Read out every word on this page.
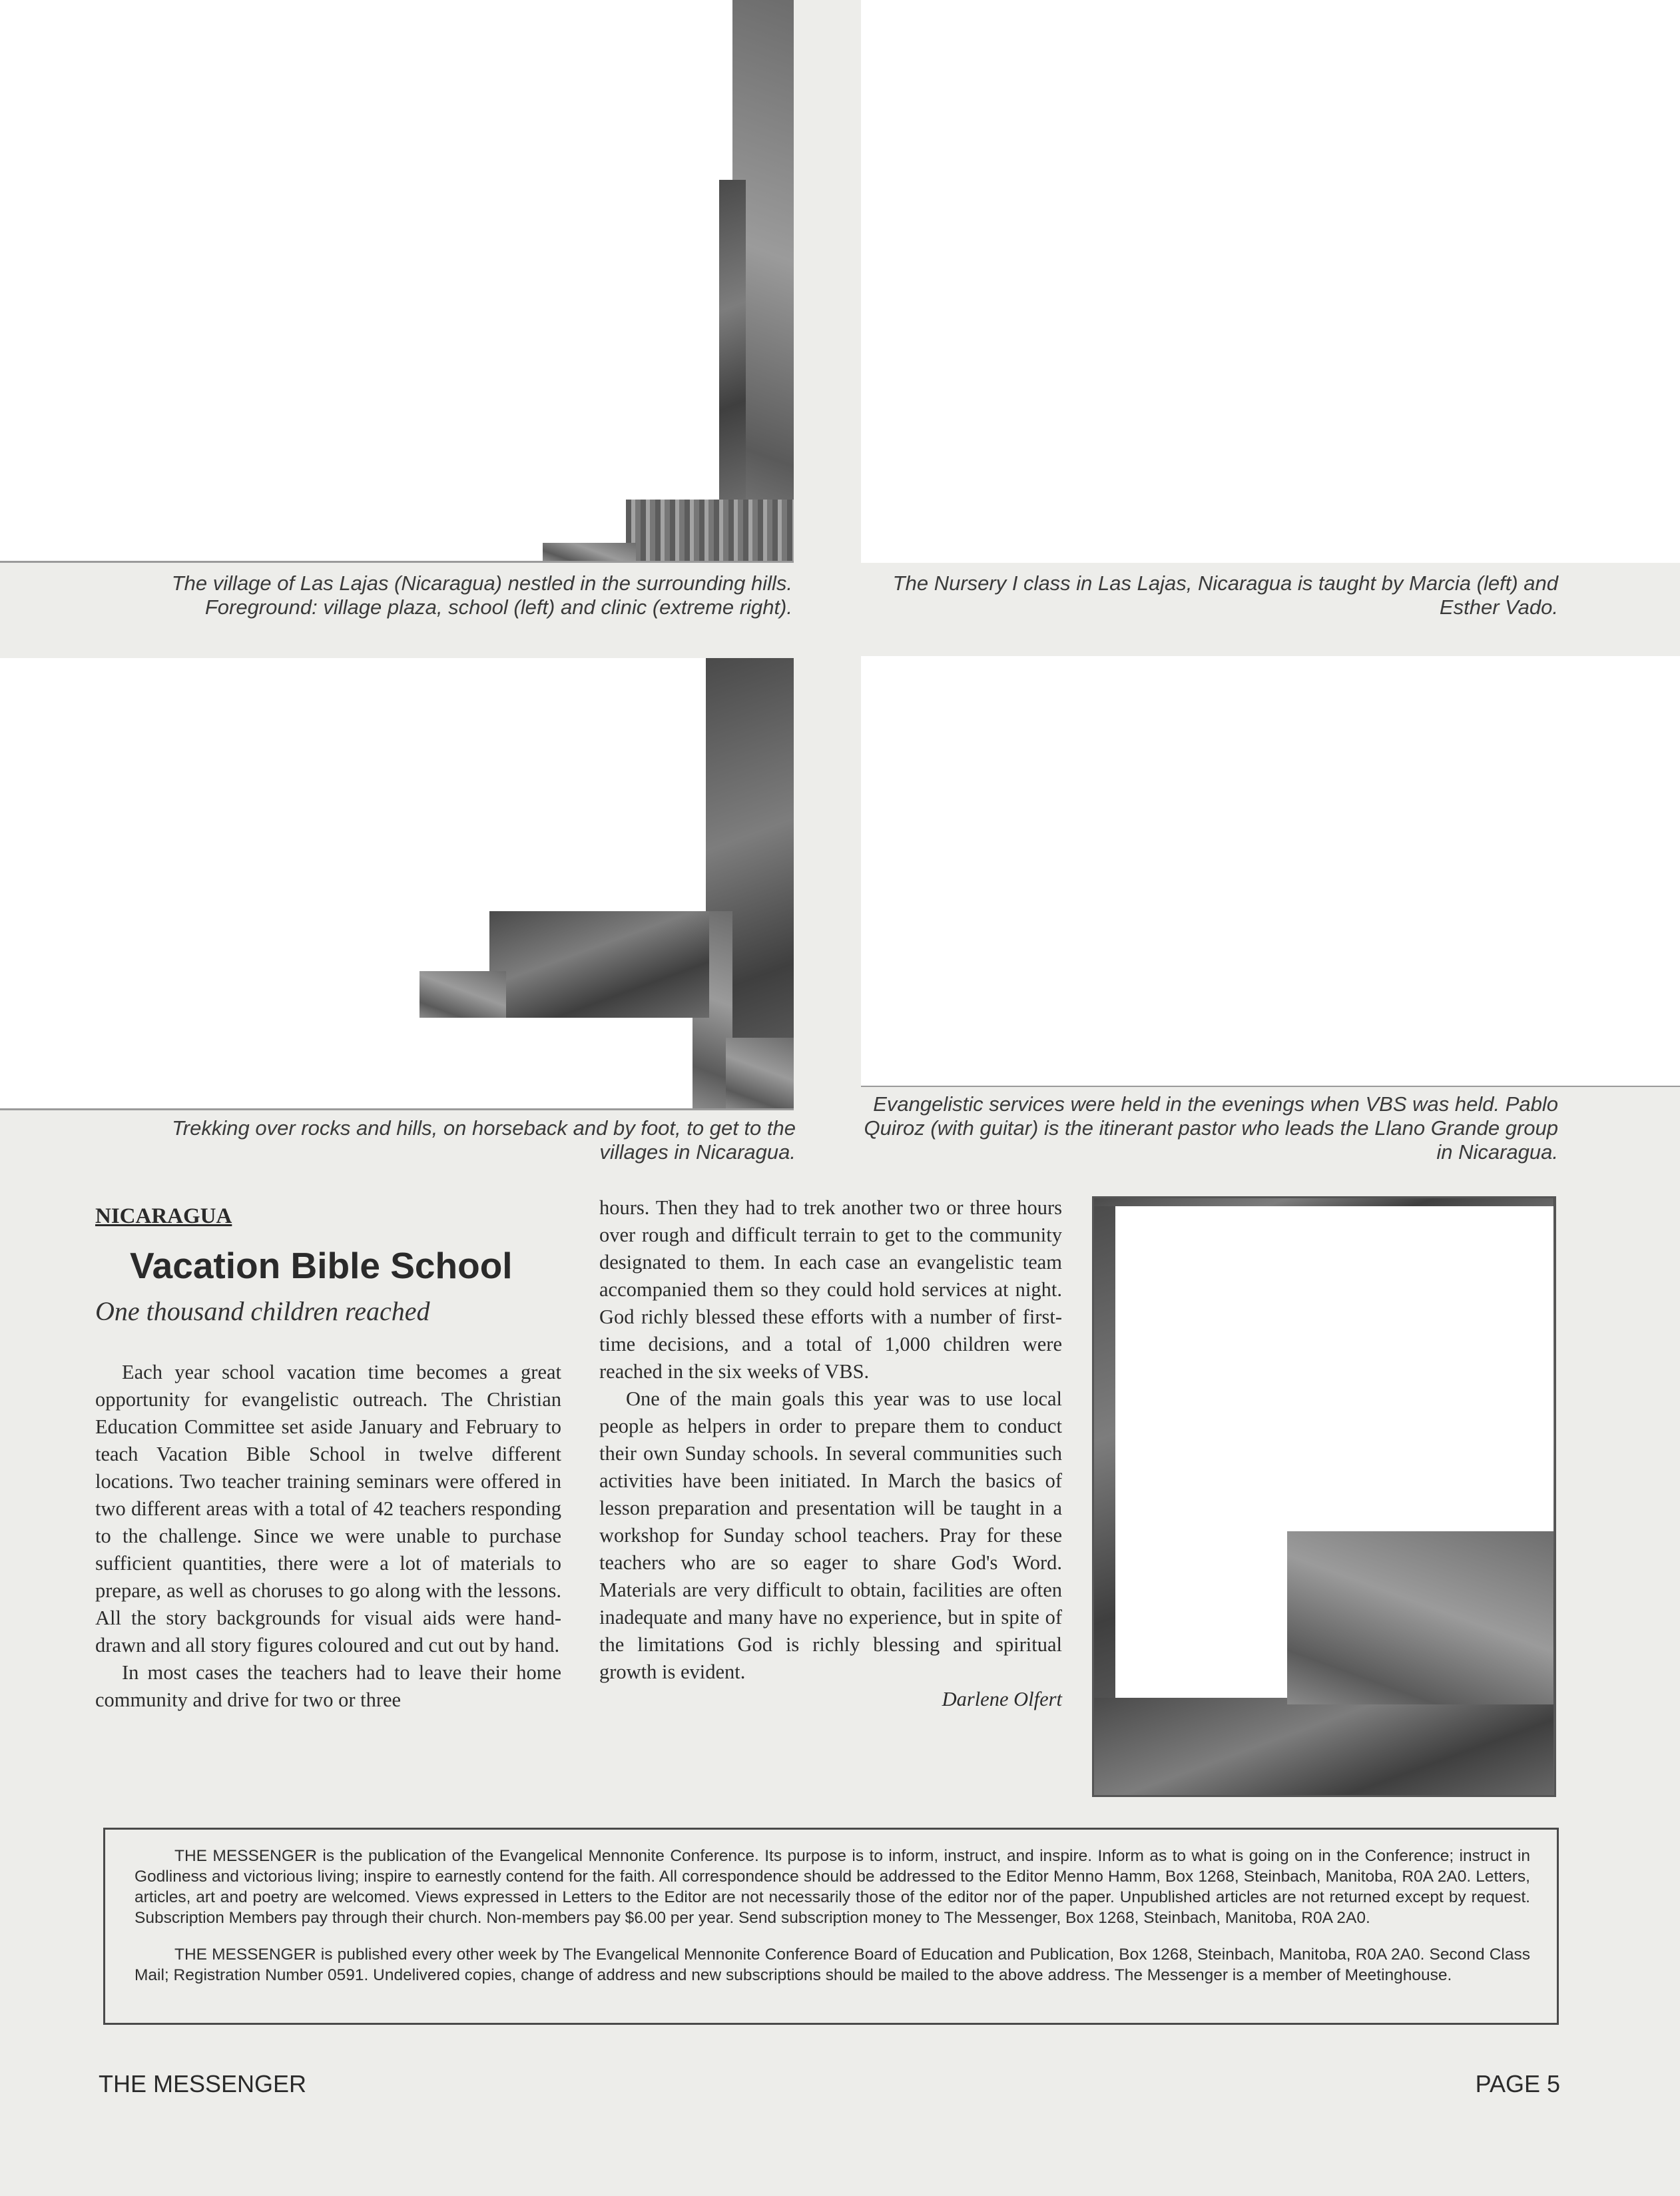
The village of Las Lajas (Nicaragua) nestled in the surrounding hills. Foreground: village plaza, school (left) and clinic (extreme right).
The Nursery I class in Las Lajas, Nicaragua is taught by Marcia (left) and Esther Vado.
Trekking over rocks and hills, on horseback and by foot, to get to the villages in Nicaragua.
Evangelistic services were held in the evenings when VBS was held. Pablo Quiroz (with guitar) is the itinerant pastor who leads the Llano Grande group in Nicaragua.
NICARAGUA
Vacation Bible School
One thousand children reached

Each year school vacation time becomes a great opportunity for evangelistic outreach. The Christian Education Committee set aside January and February to teach Vacation Bible School in twelve different locations. Two teacher training seminars were offered in two different areas with a total of 42 teachers responding to the challenge. Since we were unable to purchase sufficient quantities, there were a lot of materials to prepare, as well as choruses to go along with the lessons. All the story backgrounds for visual aids were hand-drawn and all story figures coloured and cut out by hand.

In most cases the teachers had to leave their home community and drive for two or three

hours. Then they had to trek another two or three hours over rough and difficult terrain to get to the community designated to them. In each case an evangelistic team accompanied them so they could hold services at night. God richly blessed these efforts with a number of first-time decisions, and a total of 1,000 children were reached in the six weeks of VBS.

One of the main goals this year was to use local people as helpers in order to prepare them to conduct their own Sunday schools. In several communities such activities have been initiated. In March the basics of lesson preparation and presentation will be taught in a workshop for Sunday school teachers. Pray for these teachers who are so eager to share God's Word. Materials are very difficult to obtain, facilities are often inadequate and many have no experience, but in spite of the limitations God is richly blessing and spiritual growth is evident.

Darlene Olfert

THE MESSENGER is the publication of the Evangelical Mennonite Conference. Its purpose is to inform, instruct, and inspire. Inform as to what is going on in the Conference; instruct in Godliness and victorious living; inspire to earnestly contend for the faith. All correspondence should be addressed to the Editor Menno Hamm, Box 1268, Steinbach, Manitoba, R0A 2A0. Letters, articles, art and poetry are welcomed. Views expressed in Letters to the Editor are not necessarily those of the editor nor of the paper. Unpublished articles are not returned except by request. Subscription Members pay through their church. Non-members pay $6.00 per year. Send subscription money to The Messenger, Box 1268, Steinbach, Manitoba, R0A 2A0.

THE MESSENGER is published every other week by The Evangelical Mennonite Conference Board of Education and Publication, Box 1268, Steinbach, Manitoba, R0A 2A0. Second Class Mail; Registration Number 0591. Undelivered copies, change of address and new subscriptions should be mailed to the above address. The Messenger is a member of Meetinghouse.

THE MESSENGER	PAGE 5
